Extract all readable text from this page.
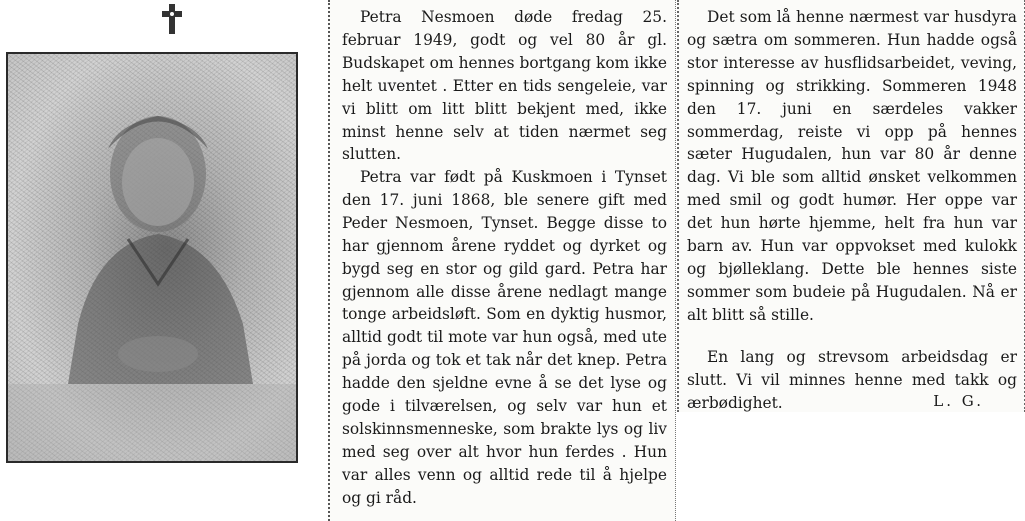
Petra Nesmoen døde fredag 25. februar 1949, godt og vel 80 år gl. Budskapet om hennes bortgang kom ikke helt uventet . Etter en tids sengeleie, var vi blitt om litt blitt bekjent med, ikke minst henne selv at tiden nærmet seg slutten.

Petra var født på Kuskmoen i Tynset den 17. juni 1868, ble senere gift med Peder Nesmoen, Tynset. Begge disse to har gjennom årene ryddet og dyrket og bygd seg en stor og gild gard. Petra har gjennom alle disse årene nedlagt mange tonge arbeidsløft. Som en dyktig husmor, alltid godt til mote var hun også, med ute på jorda og tok et tak når det knep. Petra hadde den sjeldne evne å se det lyse og gode i tilværelsen, og selv var hun et solskinnsmenneske, som brakte lys og liv med seg over alt hvor hun ferdes . Hun var alles venn og alltid rede til å hjelpe og gi råd.

Det som lå henne nærmest var husdyra og sætra om sommeren. Hun hadde også stor interesse av husflidsarbeidet, veving, spinning og strikking. Sommeren 1948 den 17. juni en særdeles vakker sommerdag, reiste vi opp på hennes sæter Hugudalen, hun var 80 år denne dag. Vi ble som alltid ønsket velkommen med smil og godt humør. Her oppe var det hun hørte hjemme, helt fra hun var barn av. Hun var oppvokset med kulokk og bjølleklang. Dette ble hennes siste sommer som budeie på Hugudalen. Nå er alt blitt så stille.

En lang og strevsom arbeidsdag er slutt. Vi vil minnes henne med takk og ærbødighet.	L. G.
